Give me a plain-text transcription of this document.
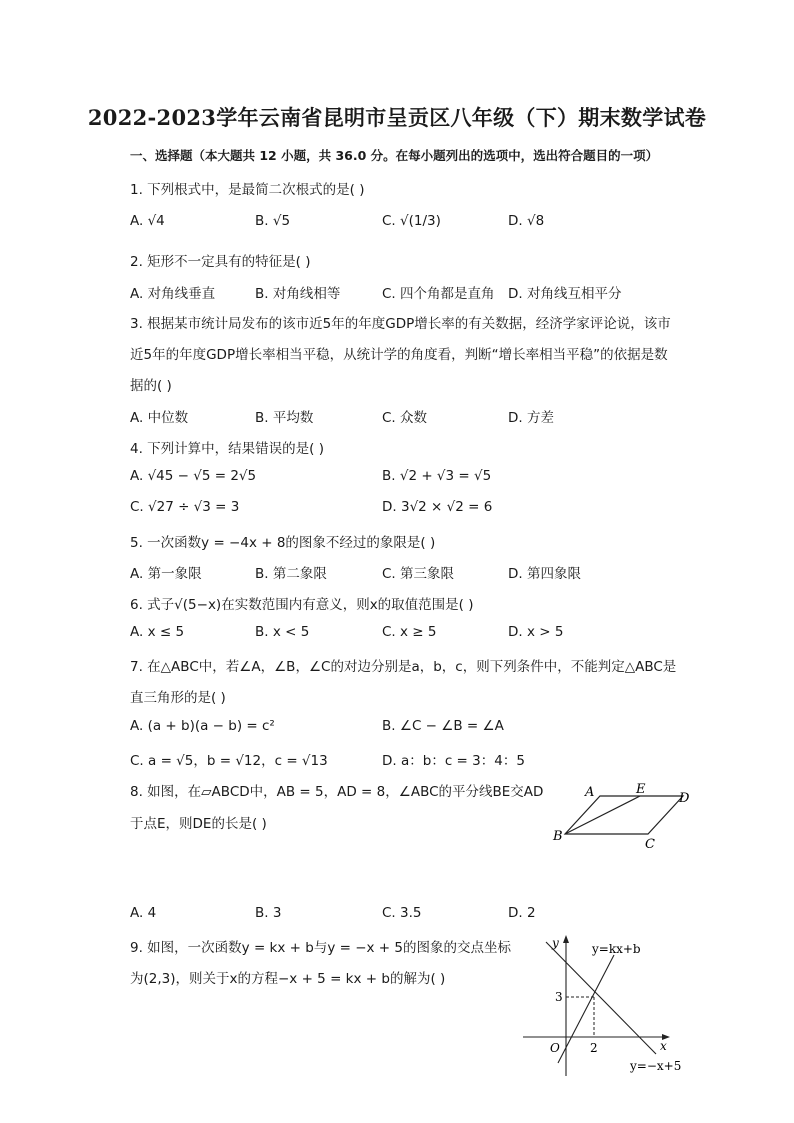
2022-2023学年云南省昆明市呈贡区八年级（下）期末数学试卷
一、选择题（本大题共 12 小题，共 36.0 分。在每小题列出的选项中，选出符合题目的一项）
1. 下列根式中，是最简二次根式的是( )
A. √4	B. √5	C. √(1/3)	D. √8
2. 矩形不一定具有的特征是( )
A. 对角线垂直	B. 对角线相等	C. 四个角都是直角 D. 对角线互相平分
3. 根据某市统计局发布的该市近5年的年度GDP增长率的有关数据，经济学家评论说，该市
近5年的年度GDP增长率相当平稳，从统计学的角度看，判断“增长率相当平稳”的依据是数
据的( )
A. 中位数	B. 平均数	C. 众数	D. 方差
4. 下列计算中，结果错误的是( )
A. √45 − √5 = 2√5	B. √2 + √3 = √5
C. √27 ÷ √3 = 3	D. 3√2 × √2 = 6
5. 一次函数y = −4x + 8的图象不经过的象限是( )
A. 第一象限	B. 第二象限	C. 第三象限	D. 第四象限
6. 式子√(5−x)在实数范围内有意义，则x的取值范围是( )
A. x ≤ 5	B. x < 5	C. x ≥ 5	D. x > 5
7. 在△ABC中，若∠A，∠B，∠C的对边分别是a，b，c，则下列条件中，不能判定△ABC是
直三角形的是( )
A. (a + b)(a − b) = c²	B. ∠C − ∠B = ∠A
C. a = √5，b = √12，c = √13	D. a：b：c = 3：4：5
8. 如图，在▱ABCD中，AB = 5，AD = 8，∠ABC的平分线BE交AD
于点E，则DE的长是( )
A	E
D
B
C
A. 4	B. 3	C. 3.5	D. 2
9. 如图，一次函数y = kx + b与y = −x + 5的图象的交点坐标
为(2,3)，则关于x的方程−x + 5 = kx + b的解为( )
y	y=kx+b
3
O	2	x
y=−x+5
